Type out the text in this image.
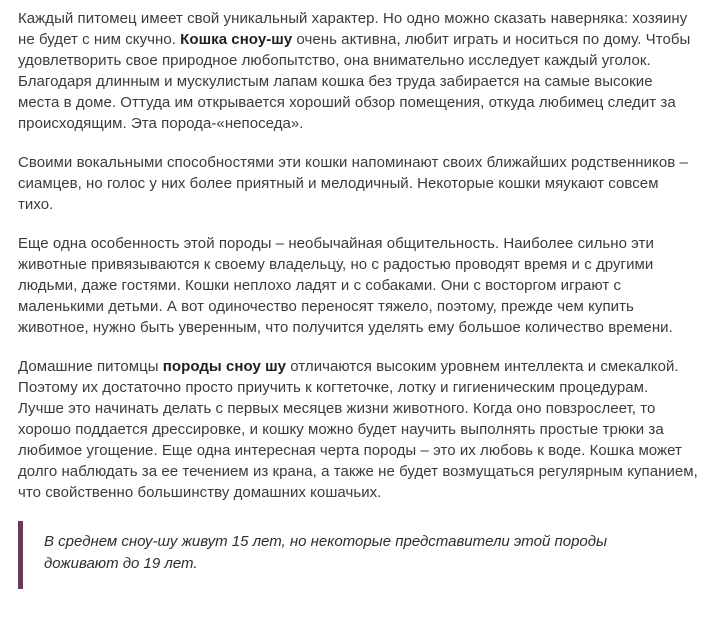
Каждый питомец имеет свой уникальный характер. Но одно можно сказать наверняка: хозяину не будет с ним скучно. Кошка сноу-шу очень активна, любит играть и носиться по дому. Чтобы удовлетворить свое природное любопытство, она внимательно исследует каждый уголок. Благодаря длинным и мускулистым лапам кошка без труда забирается на самые высокие места в доме. Оттуда им открывается хороший обзор помещения, откуда любимец следит за происходящим. Эта порода-«непоседа».

Своими вокальными способностями эти кошки напоминают своих ближайших родственников – сиамцев, но голос у них более приятный и мелодичный. Некоторые кошки мяукают совсем тихо.

Еще одна особенность этой породы – необычайная общительность. Наиболее сильно эти животные привязываются к своему владельцу, но с радостью проводят время и с другими людьми, даже гостями. Кошки неплохо ладят и с собаками. Они с восторгом играют с маленькими детьми. А вот одиночество переносят тяжело, поэтому, прежде чем купить животное, нужно быть уверенным, что получится уделять ему большое количество времени.

Домашние питомцы породы сноу шу отличаются высоким уровнем интеллекта и смекалкой. Поэтому их достаточно просто приучить к когтеточке, лотку и гигиеническим процедурам. Лучше это начинать делать с первых месяцев жизни животного. Когда оно повзрослеет, то хорошо поддается дрессировке, и кошку можно будет научить выполнять простые трюки за любимое угощение. Еще одна интересная черта породы – это их любовь к воде. Кошка может долго наблюдать за ее течением из крана, а также не будет возмущаться регулярным купанием, что свойственно большинству домашних кошачьих.

В среднем сноу-шу живут 15 лет, но некоторые представители этой породы доживают до 19 лет.
